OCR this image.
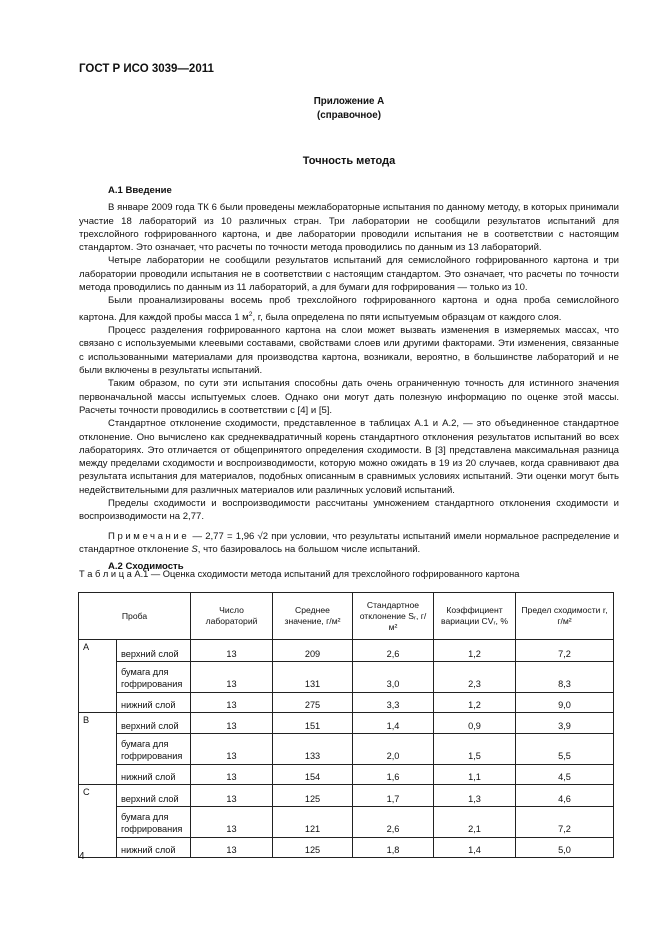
ГОСТ Р ИСО 3039—2011
Приложение А
(справочное)
Точность метода
А.1 Введение

В январе 2009 года ТК 6 были проведены межлабораторные испытания по данному методу, в которых принимали участие 18 лабораторий из 10 различных стран. Три лаборатории не сообщили результатов испытаний для трехслойного гофрированного картона, и две лаборатории проводили испытания не в соответствии с настоящим стандартом. Это означает, что расчеты по точности метода проводились по данным из 13 лабораторий.

Четыре лаборатории не сообщили результатов испытаний для семислойного гофрированного картона и три лаборатории проводили испытания не в соответствии с настоящим стандартом. Это означает, что расчеты по точности метода проводились по данным из 11 лабораторий, а для бумаги для гофрирования — только из 10.

Были проанализированы восемь проб трехслойного гофрированного картона и одна проба семислойного картона. Для каждой пробы масса 1 $м^2$, г, была определена по пяти испытуемым образцам от каждого слоя.

Процесс разделения гофрированного картона на слои может вызвать изменения в измеряемых массах, что связано с используемыми клеевыми составами, свойствами слоев или другими факторами. Эти изменения, связанные с использованными материалами для производства картона, возникали, вероятно, в большинстве лабораторий и не были включены в результаты испытаний.

Таким образом, по сути эти испытания способны дать очень ограниченную точность для истинного значения первоначальной массы испытуемых слоев. Однако они могут дать полезную информацию по оценке этой массы. Расчеты точности проводились в соответствии с [4] и [5].

Стандартное отклонение сходимости, представленное в таблицах А.1 и А.2, — это объединенное стандартное отклонение. Оно вычислено как среднеквадратичный корень стандартного отклонения результатов испытаний во всех лабораториях. Это отличается от общепринятого определения сходимости. В [3] представлена максимальная разница между пределами сходимости и воспроизводимости, которую можно ожидать в 19 из 20 случаев, когда сравнивают два результата испытания для материалов, подобных описанным в сравнимых условиях испытаний. Эти оценки могут быть недействительными для различных материалов или различных условий испытаний.

Пределы сходимости и воспроизводимости рассчитаны умножением стандартного отклонения сходимости и воспроизводимости на 2,77.

Примечание — 2,77 = 1,96 √2 при условии, что результаты испытаний имели нормальное распределение и стандартное отклонение S, что базировалось на большом числе испытаний.

А.2 Сходимость
Т а б л и ц а А.1 — Оценка сходимости метода испытаний для трехслойного гофрированного картона
Проба		Число лабораторий	Среднее значение, г/м²	Стандартное отклонение Sᵣ, г/м²	Коэффициент вариации CVᵣ, %	Предел сходимости r, г/м²
A	верхний слой	13	209	2,6	1,2	7,2
	бумага для гофрирования	13	131	3,0	2,3	8,3
	нижний слой	13	275	3,3	1,2	9,0
B	верхний слой	13	151	1,4	0,9	3,9
	бумага для гофрирования	13	133	2,0	1,5	5,5
	нижний слой	13	154	1,6	1,1	4,5
C	верхний слой	13	125	1,7	1,3	4,6
	бумага для гофрирования	13	121	2,6	2,1	7,2
	нижний слой	13	125	1,8	1,4	5,0
4
